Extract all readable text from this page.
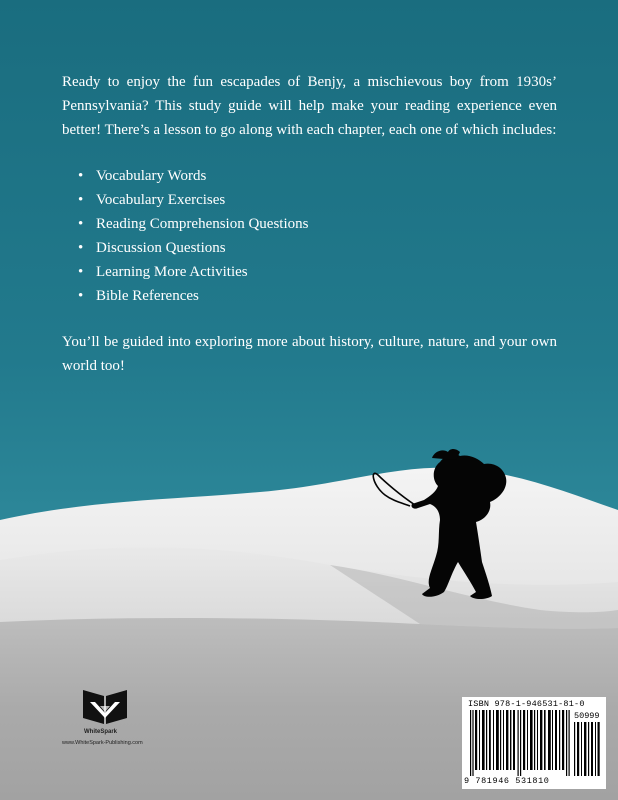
Ready to enjoy the fun escapades of Benjy, a mischievous boy from 1930s’ Pennsylvania? This study guide will help make your reading experience even better! There’s a lesson to go along with each chapter, each one of which includes:

• Vocabulary Words
• Vocabulary Exercises
• Reading Comprehension Questions
• Discussion Questions
• Learning More Activities
• Bible References

You’ll be guided into exploring more about history, culture, nature, and your own world too!

WhiteSpark
www.WhiteSpark-Publishing.com
ISBN 978-1-946531-81-0
50999
9 781946 531810
